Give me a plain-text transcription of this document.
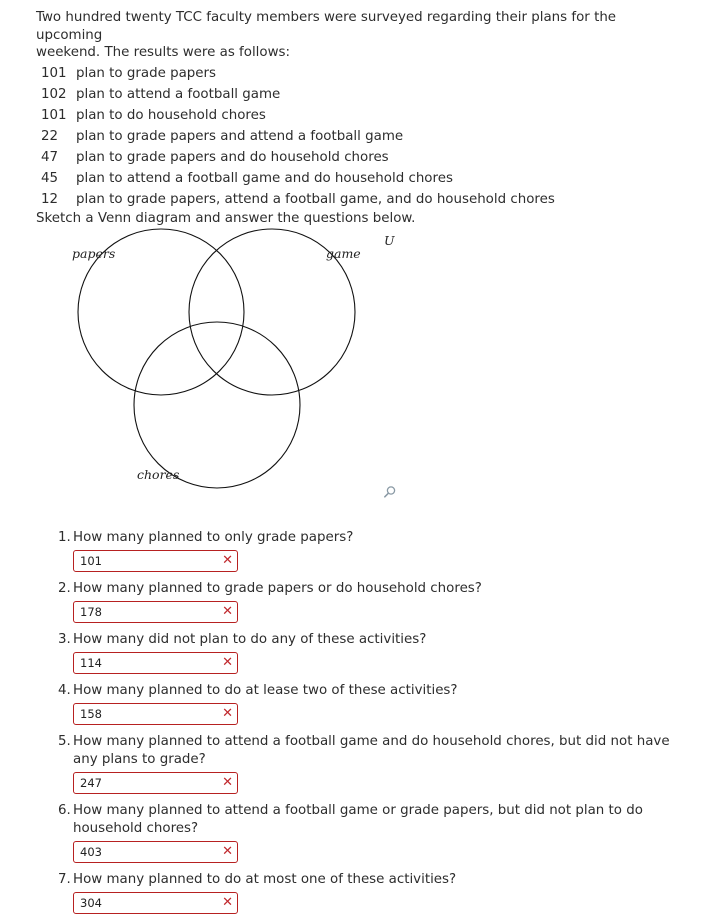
Two hundred twenty TCC faculty members were surveyed regarding their plans for the upcoming

weekend. The results were as follows:

101 plan to grade papers
102 plan to attend a football game
101 plan to do household chores
22	plan to grade papers and attend a football game
47	plan to grade papers and do household chores
45	plan to attend a football game and do household chores
12	plan to grade papers, attend a football game, and do household chores

Sketch a Venn diagram and answer the questions below.

papers	game
chores
U
1. How many planned to only grade papers?
101	✕
2. How many planned to grade papers or do household chores?
178	✕
3. How many did not plan to do any of these activities?
114	✕
4. How many planned to do at lease two of these activities?
158	✕
5. How many planned to attend a football game and do household chores, but did not have any plans to grade?
247	✕
6. How many planned to attend a football game or grade papers, but did not plan to do household chores?
403	✕
7. How many planned to do at most one of these activities?
304	✕
